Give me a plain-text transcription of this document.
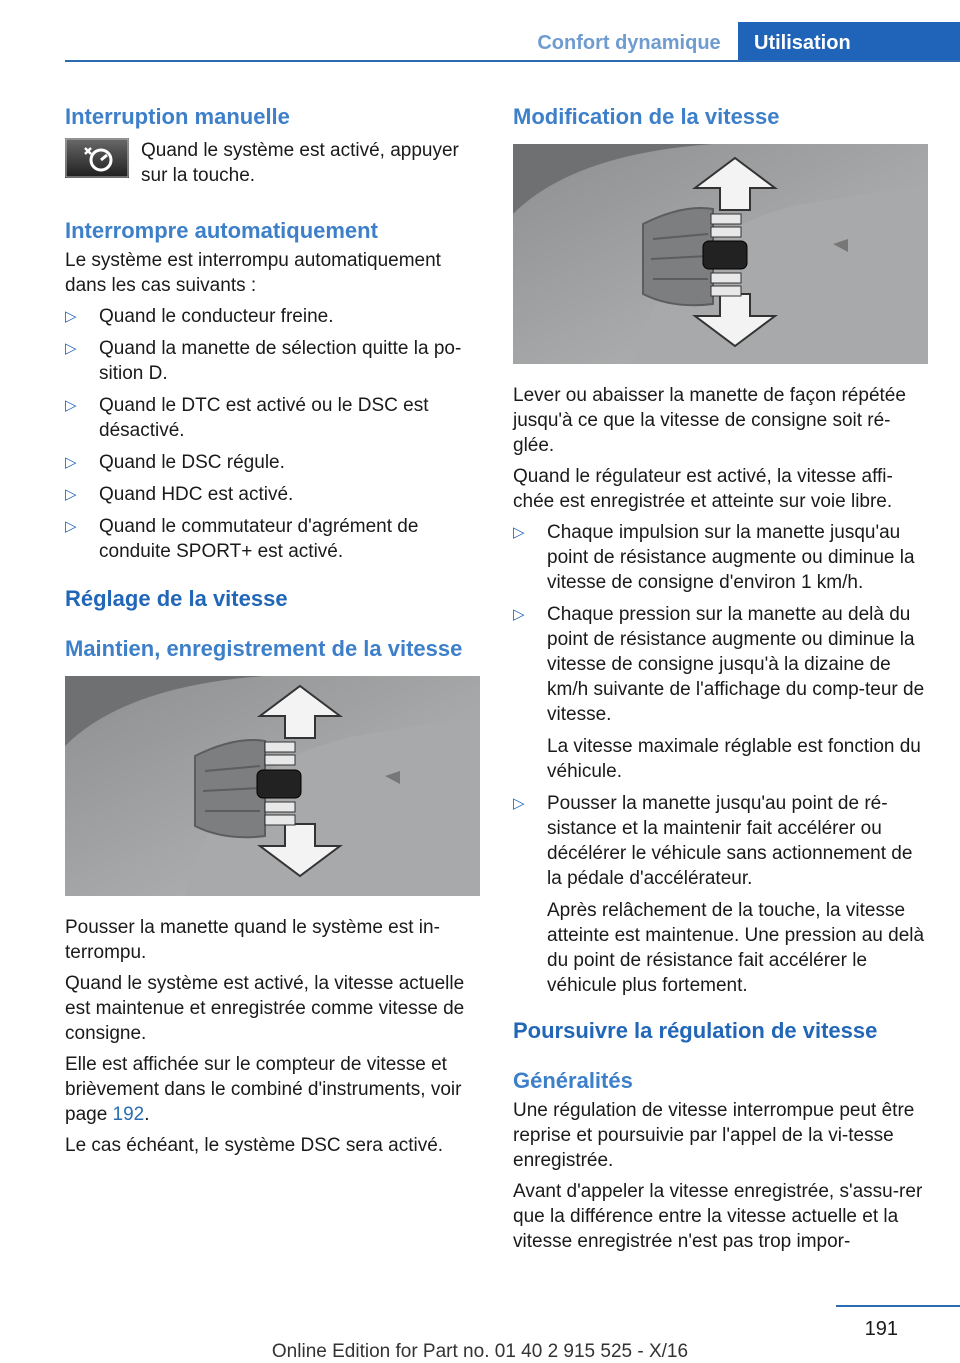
Confort dynamique	Utilisation
Interruption manuelle

Quand le système est activé, appuyer sur la touche.

Interrompre automatiquement

Le système est interrompu automatiquement dans les cas suivants :

▷ Quand le conducteur freine.
▷ Quand la manette de sélection quitte la po-sition D.
▷ Quand le DTC est activé ou le DSC est désactivé.
▷ Quand le DSC régule.
▷ Quand HDC est activé.
▷ Quand le commutateur d'agrément de conduite SPORT+ est activé.
Réglage de la vitesse
Maintien, enregistrement de la vitesse

Pousser la manette quand le système est in-terrompu.

Quand le système est activé, la vitesse actuelle est maintenue et enregistrée comme vitesse de consigne.

Elle est affichée sur le compteur de vitesse et brièvement dans le combiné d'instruments, voir page 192.

Le cas échéant, le système DSC sera activé.

Modification de la vitesse

Lever ou abaisser la manette de façon répétée jusqu'à ce que la vitesse de consigne soit ré-glée.

Quand le régulateur est activé, la vitesse affi-chée est enregistrée et atteinte sur voie libre.

▷ Chaque impulsion sur la manette jusqu'au point de résistance augmente ou diminue la vitesse de consigne d'environ 1 km/h.
▷ Chaque pression sur la manette au delà du point de résistance augmente ou diminue la vitesse de consigne jusqu'à la dizaine de km/h suivante de l'affichage du comp-teur de vitesse.
La vitesse maximale réglable est fonction du véhicule.
▷ Pousser la manette jusqu'au point de ré-sistance et la maintenir fait accélérer ou décélérer le véhicule sans actionnement de la pédale d'accélérateur.
Après relâchement de la touche, la vitesse atteinte est maintenue. Une pression au delà du point de résistance fait accélérer le véhicule plus fortement.
Poursuivre la régulation de vitesse
Généralités

Une régulation de vitesse interrompue peut être reprise et poursuivie par l'appel de la vi-tesse enregistrée.

Avant d'appeler la vitesse enregistrée, s'assu-rer que la différence entre la vitesse actuelle et la vitesse enregistrée n'est pas trop impor-

191
Online Edition for Part no. 01 40 2 915 525 - X/16
